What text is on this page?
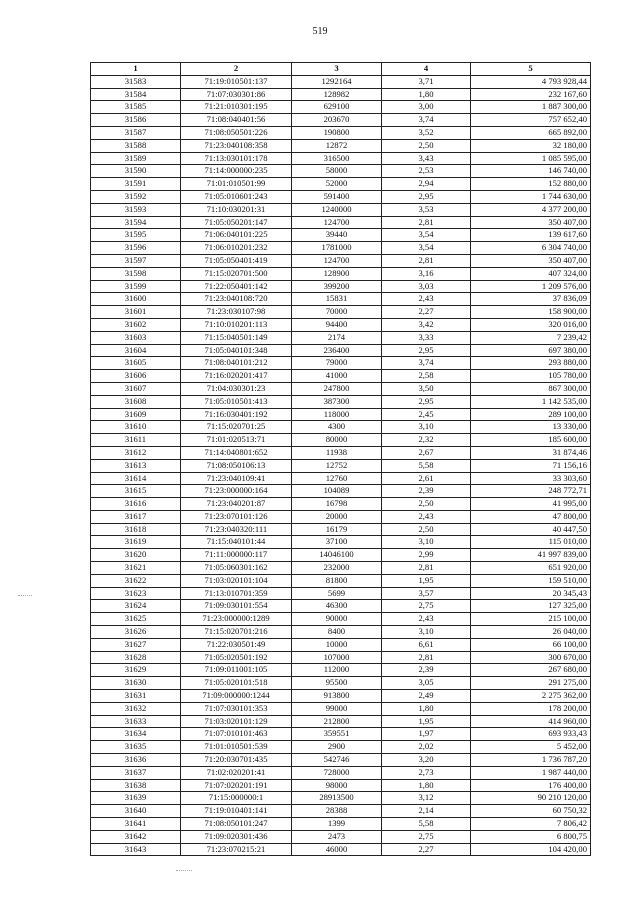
519
1	2	3	4	5
31583	71:19:010501:137	1292164	3,71	4 793 928,44
31584	71:07:030301:86	128982	1,80	232 167,60
31585	71:21:010301:195	629100	3,00	1 887 300,00
31586	71:08:040401:56	203670	3,74	757 652,40
31587	71:08:050501:226	190800	3,52	665 892,00
31588	71:23:040108:358	12872	2,50	32 180,00
31589	71:13:030101:178	316500	3,43	1 085 595,00
31590	71:14:000000:235	58000	2,53	146 740,00
31591	71:01:010501:99	52000	2,94	152 880,00
31592	71:05:010601:243	591400	2,95	1 744 630,00
31593	71:10:030201:31	1240000	3,53	4 377 200,00
31594	71:05:050201:147	124700	2,81	350 407,00
31595	71:06:040101:225	39440	3,54	139 617,60
31596	71:06:010201:232	1781000	3,54	6 304 740,00
31597	71:05:050401:419	124700	2,81	350 407,00
31598	71:15:020701:500	128900	3,16	407 324,00
31599	71:22:050401:142	399200	3,03	1 209 576,00
31600	71:23:040108:720	15831	2,43	37 836,09
31601	71:23:030107:98	70000	2,27	158 900,00
31602	71:10:010201:113	94400	3,42	320 016,00
31603	71:15:040501:149	2174	3,33	7 239,42
31604	71:05:040101:348	236400	2,95	697 380,00
31605	71:08:040101:212	79000	3,74	293 880,00
31606	71:16:020201:417	41000	2,58	105 780,00
31607	71:04:030301:23	247800	3,50	867 300,00
31608	71:05:010501:413	387300	2,95	1 142 535,00
31609	71:16:030401:192	118000	2,45	289 100,00
31610	71:15:020701:25	4300	3,10	13 330,00
31611	71:01:020513:71	80000	2,32	185 600,00
31612	71:14:040801:652	11938	2,67	31 874,46
31613	71:08:050106:13	12752	5,58	71 156,16
31614	71:23:040109:41	12760	2,61	33 303,60
31615	71:23:000000:164	104089	2,39	248 772,71
31616	71:23:040201:87	16798	2,50	41 995,00
31617	71:23:070101:126	20000	2,43	47 800,00
31618	71:23:040320:111	16179	2,50	40 447,50
31619	71:15:040101:44	37100	3,10	115 010,00
31620	71:11:000000:117	14046100	2,99	41 997 839,00
31621	71:05:060301:162	232000	2,81	651 920,00
31622	71:03:020101:104	81800	1,95	159 510,00
31623	71:13:010701:359	5699	3,57	20 345,43
31624	71:09:030101:554	46300	2,75	127 325,00
31625	71:23:000000:1289	90000	2,43	215 100,00
31626	71:15:020701:216	8400	3,10	26 040,00
31627	71:22:030501:49	10000	6,61	66 100,00
31628	71:05:020501:192	107000	2,81	300 670,00
31629	71:09:011001:105	112000	2,39	267 680,00
31630	71:05:020101:518	95500	3,05	291 275,00
31631	71:09:000000:1244	913800	2,49	2 275 362,00
31632	71:07:030101:353	99000	1,80	178 200,00
31633	71:03:020101:129	212800	1,95	414 960,00
31634	71:07:010101:463	359551	1,97	693 933,43
31635	71:01:010501:539	2900	2,02	5 452,00
31636	71:20:030701:435	542746	3,20	1 736 787,20
31637	71:02:020201:41	728000	2,73	1 987 440,00
31638	71:07:020201:191	98000	1,80	176 400,00
31639	71:15:000000:1	28913500	3,12	90 210 120,00
31640	71:19:010401:141	28388	2,14	60 750,32
31641	71:08:050101:247	1399	5,58	7 806,42
31642	71:09:020301:436	2473	2,75	6 800,75
31643	71:23:070215:21	46000	2,27	104 420,00
